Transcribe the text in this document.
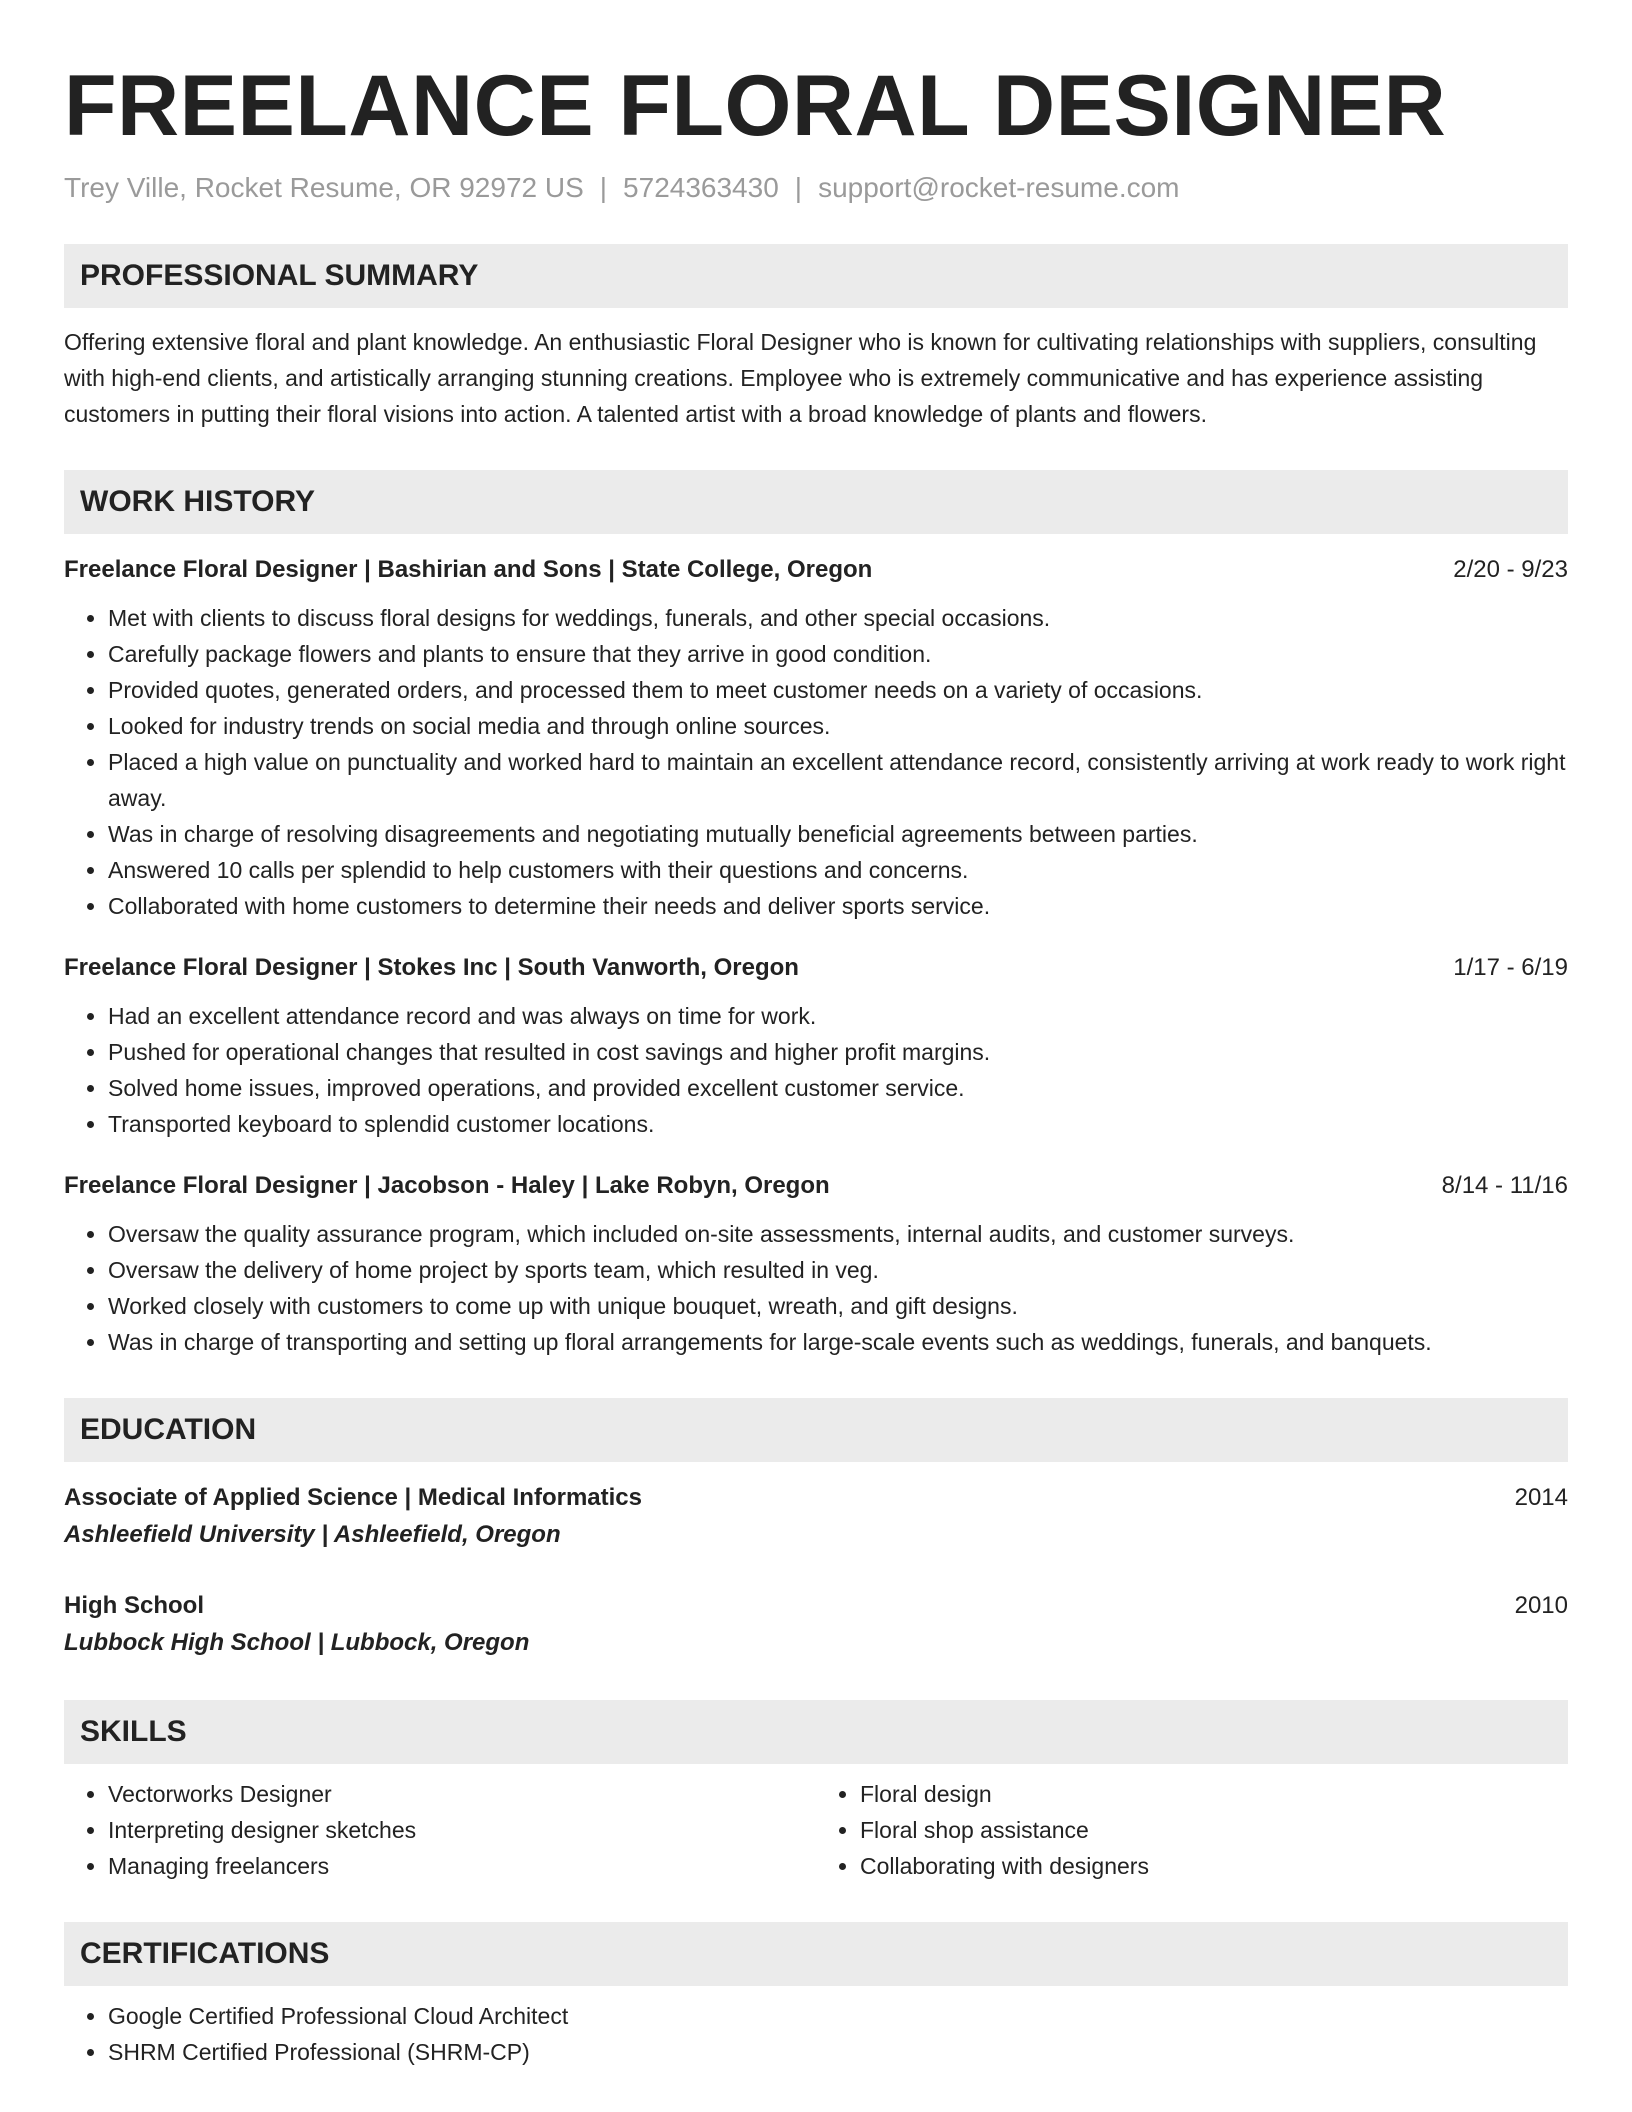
FREELANCE FLORAL DESIGNER
Trey Ville, Rocket Resume, OR 92972 US | 5724363430 | support@rocket-resume.com
PROFESSIONAL SUMMARY
Offering extensive floral and plant knowledge. An enthusiastic Floral Designer who is known for cultivating relationships with suppliers, consulting with high-end clients, and artistically arranging stunning creations. Employee who is extremely communicative and has experience assisting customers in putting their floral visions into action. A talented artist with a broad knowledge of plants and flowers.
WORK HISTORY
Freelance Floral Designer | Bashirian and Sons | State College, Oregon	2/20 - 9/23
• Met with clients to discuss floral designs for weddings, funerals, and other special occasions.
• Carefully package flowers and plants to ensure that they arrive in good condition.
• Provided quotes, generated orders, and processed them to meet customer needs on a variety of occasions.
• Looked for industry trends on social media and through online sources.
• Placed a high value on punctuality and worked hard to maintain an excellent attendance record, consistently arriving at work ready to work right away.
• Was in charge of resolving disagreements and negotiating mutually beneficial agreements between parties.
• Answered 10 calls per splendid to help customers with their questions and concerns.
• Collaborated with home customers to determine their needs and deliver sports service.
Freelance Floral Designer | Stokes Inc | South Vanworth, Oregon	1/17 - 6/19
• Had an excellent attendance record and was always on time for work.
• Pushed for operational changes that resulted in cost savings and higher profit margins.
• Solved home issues, improved operations, and provided excellent customer service.
• Transported keyboard to splendid customer locations.
Freelance Floral Designer | Jacobson - Haley | Lake Robyn, Oregon	8/14 - 11/16
• Oversaw the quality assurance program, which included on-site assessments, internal audits, and customer surveys.
• Oversaw the delivery of home project by sports team, which resulted in veg.
• Worked closely with customers to come up with unique bouquet, wreath, and gift designs.
• Was in charge of transporting and setting up floral arrangements for large-scale events such as weddings, funerals, and banquets.
EDUCATION
Associate of Applied Science | Medical Informatics	2014
Ashleefield University | Ashleefield, Oregon
High School	2010
Lubbock High School | Lubbock, Oregon
SKILLS
• Vectorworks Designer
• Interpreting designer sketches
• Managing freelancers
• Floral design
• Floral shop assistance
• Collaborating with designers
CERTIFICATIONS
• Google Certified Professional Cloud Architect
• SHRM Certified Professional (SHRM-CP)
